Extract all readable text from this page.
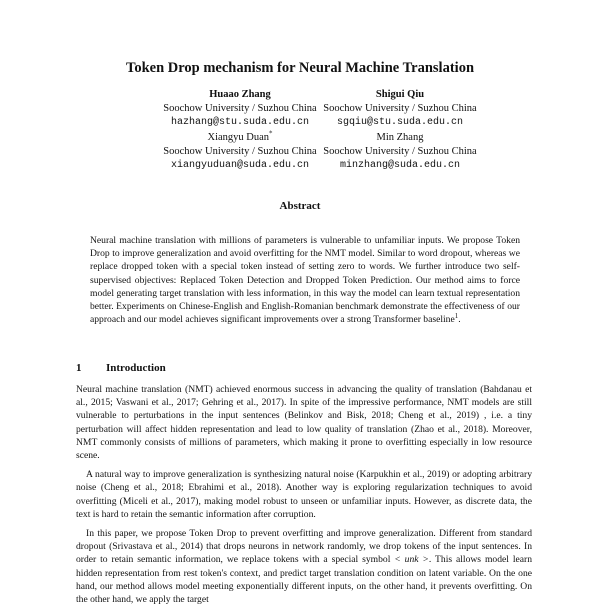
Token Drop mechanism for Neural Machine Translation
Huaao Zhang
Soochow University / Suzhou China
hazhang@stu.suda.edu.cn
Shigui Qiu
Soochow University / Suzhou China
sgqiu@stu.suda.edu.cn
Xiangyu Duan*
Soochow University / Suzhou China
xiangyuduan@suda.edu.cn
Min Zhang
Soochow University / Suzhou China
minzhang@suda.edu.cn
Abstract
Neural machine translation with millions of parameters is vulnerable to unfamiliar inputs. We propose Token Drop to improve generalization and avoid overfitting for the NMT model. Similar to word dropout, whereas we replace dropped token with a special token instead of setting zero to words. We further introduce two self-supervised objectives: Replaced Token Detection and Dropped Token Prediction. Our method aims to force model generating target translation with less information, in this way the model can learn textual representation better. Experiments on Chinese-English and English-Romanian benchmark demonstrate the effectiveness of our approach and our model achieves significant improvements over a strong Transformer baseline$^1$.
1 Introduction

Neural machine translation (NMT) achieved enormous success in advancing the quality of translation (Bahdanau et al., 2015; Vaswani et al., 2017; Gehring et al., 2017). In spite of the impressive performance, NMT models are still vulnerable to perturbations in the input sentences (Belinkov and Bisk, 2018; Cheng et al., 2019) , i.e. a tiny perturbation will affect hidden representation and lead to low quality of translation (Zhao et al., 2018). Moreover, NMT commonly consists of millions of parameters, which making it prone to overfitting especially in low resource scene.

A natural way to improve generalization is synthesizing natural noise (Karpukhin et al., 2019) or adopting arbitrary noise (Cheng et al., 2018; Ebrahimi et al., 2018). Another way is exploring regularization techniques to avoid overfitting (Miceli et al., 2017), making model robust to unseen or unfamiliar inputs. However, as discrete data, the text is hard to retain the semantic information after corruption.

In this paper, we propose Token Drop to prevent overfitting and improve generalization. Different from standard dropout (Srivastava et al., 2014) that drops neurons in network randomly, we drop tokens of the input sentences. In order to retain semantic information, we replace tokens with a special symbol < unk >. This allows model learn hidden representation from rest token's context, and predict target translation condition on latent variable. On the one hand, our method allows model meeting exponentially different inputs, on the other hand, it prevents overfitting. On the other hand, we apply the target
